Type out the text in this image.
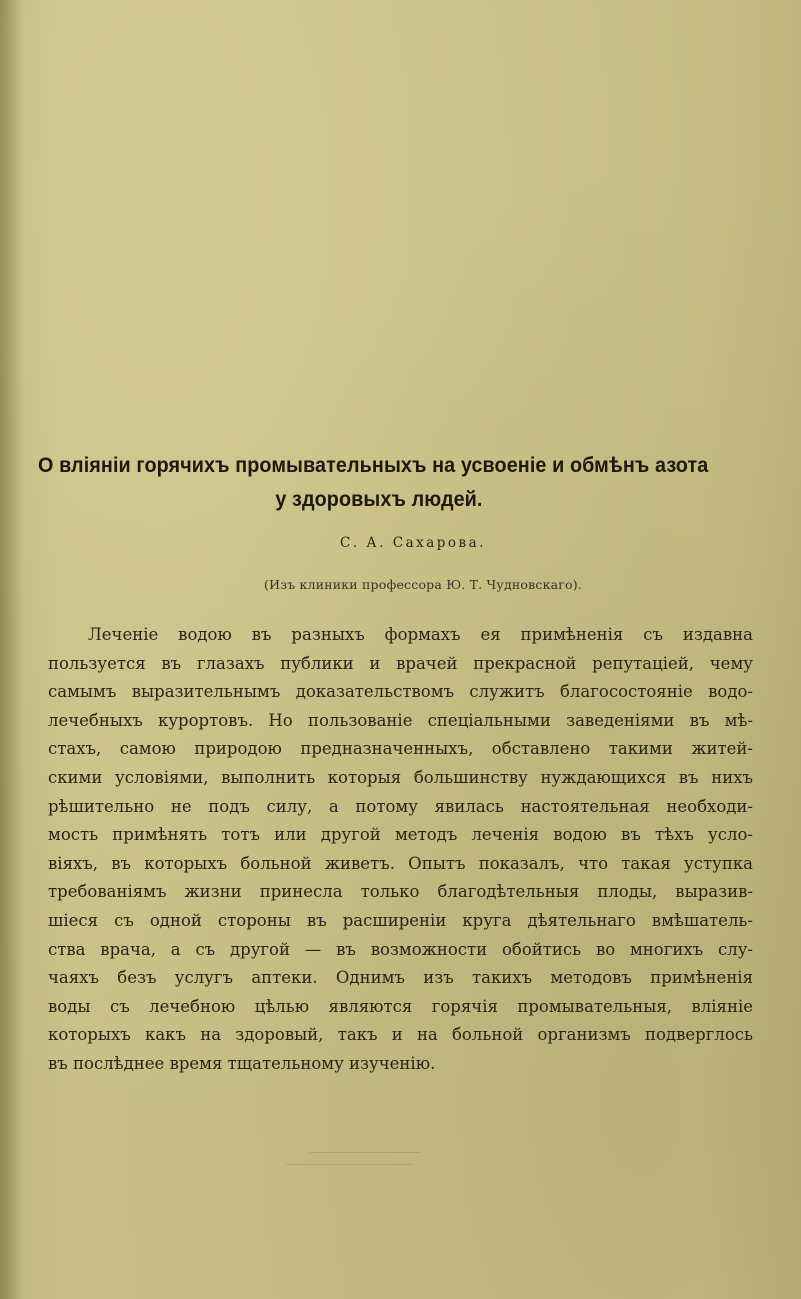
О вліяніи горячихъ промывательныхъ на усвоеніе и обмѣнъ азота
у здоровыхъ людей.
С. А. Сахарова.
(Изъ клиники профессора Ю. Т. Чудновскаго).
Леченіе водою въ разныхъ формахъ ея примѣненія съ издавна
пользуется въ глазахъ публики и врачей прекрасной репутаціей, чему
самымъ выразительнымъ доказательствомъ служитъ благосостояніе водо-
лечебныхъ курортовъ. Но пользованіе спеціальными заведеніями въ мѣ-
стахъ, самою природою предназначенныхъ, обставлено такими житей-
скими условіями, выполнить которыя большинству нуждающихся въ нихъ
рѣшительно не подъ силу, а потому явилась настоятельная необходи-
мость примѣнять тотъ или другой методъ леченія водою въ тѣхъ усло-
віяхъ, въ которыхъ больной живетъ. Опытъ показалъ, что такая уступка
требованіямъ жизни принесла только благодѣтельныя плоды, выразив-
шіеся съ одной стороны въ расширеніи круга дѣятельнаго вмѣшатель-
ства врача, а съ другой — въ возможности обойтись во многихъ слу-
чаяхъ безъ услугъ аптеки. Однимъ изъ такихъ методовъ примѣненія
воды съ лечебною цѣлью являются горячія промывательныя, вліяніе
которыхъ какъ на здоровый, такъ и на больной организмъ подверглось
въ послѣднее время тщательному изученію.
